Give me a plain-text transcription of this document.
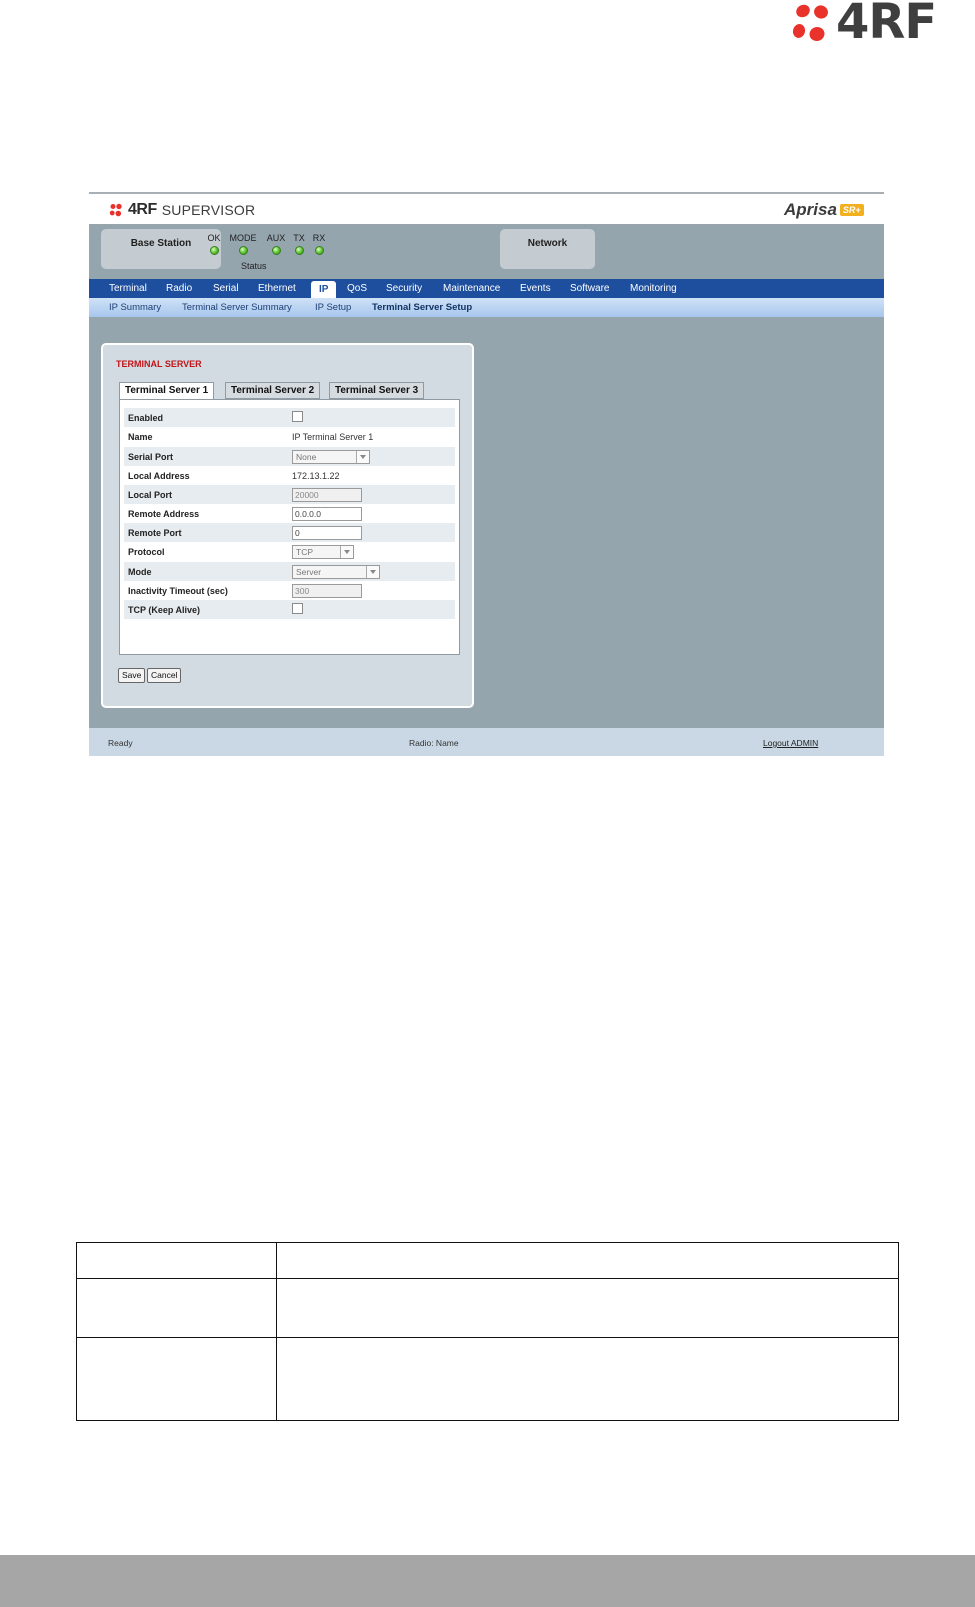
4RF
4RF SUPERVISOR	Aprisa SR+
Base Station	OK MODE AUX TX RX
Status
Network
Terminal Radio Serial Ethernet	IP	QoS Security Maintenance Events Software Monitoring
IP Summary Terminal Server Summary IP Setup Terminal Server Setup
TERMINAL SERVER
Terminal Server 1	Terminal Server 2	Terminal Server 3
Enabled
Name	IP Terminal Server 1
Serial Port	None
Local Address	172.13.1.22
Local Port	20000
Remote Address	0.0.0.0
Remote Port	0
Protocol	TCP
Mode	Server
Inactivity Timeout (sec)	300
TCP (Keep Alive)
Save	Cancel
Ready	Radio: Name	Logout ADMIN
